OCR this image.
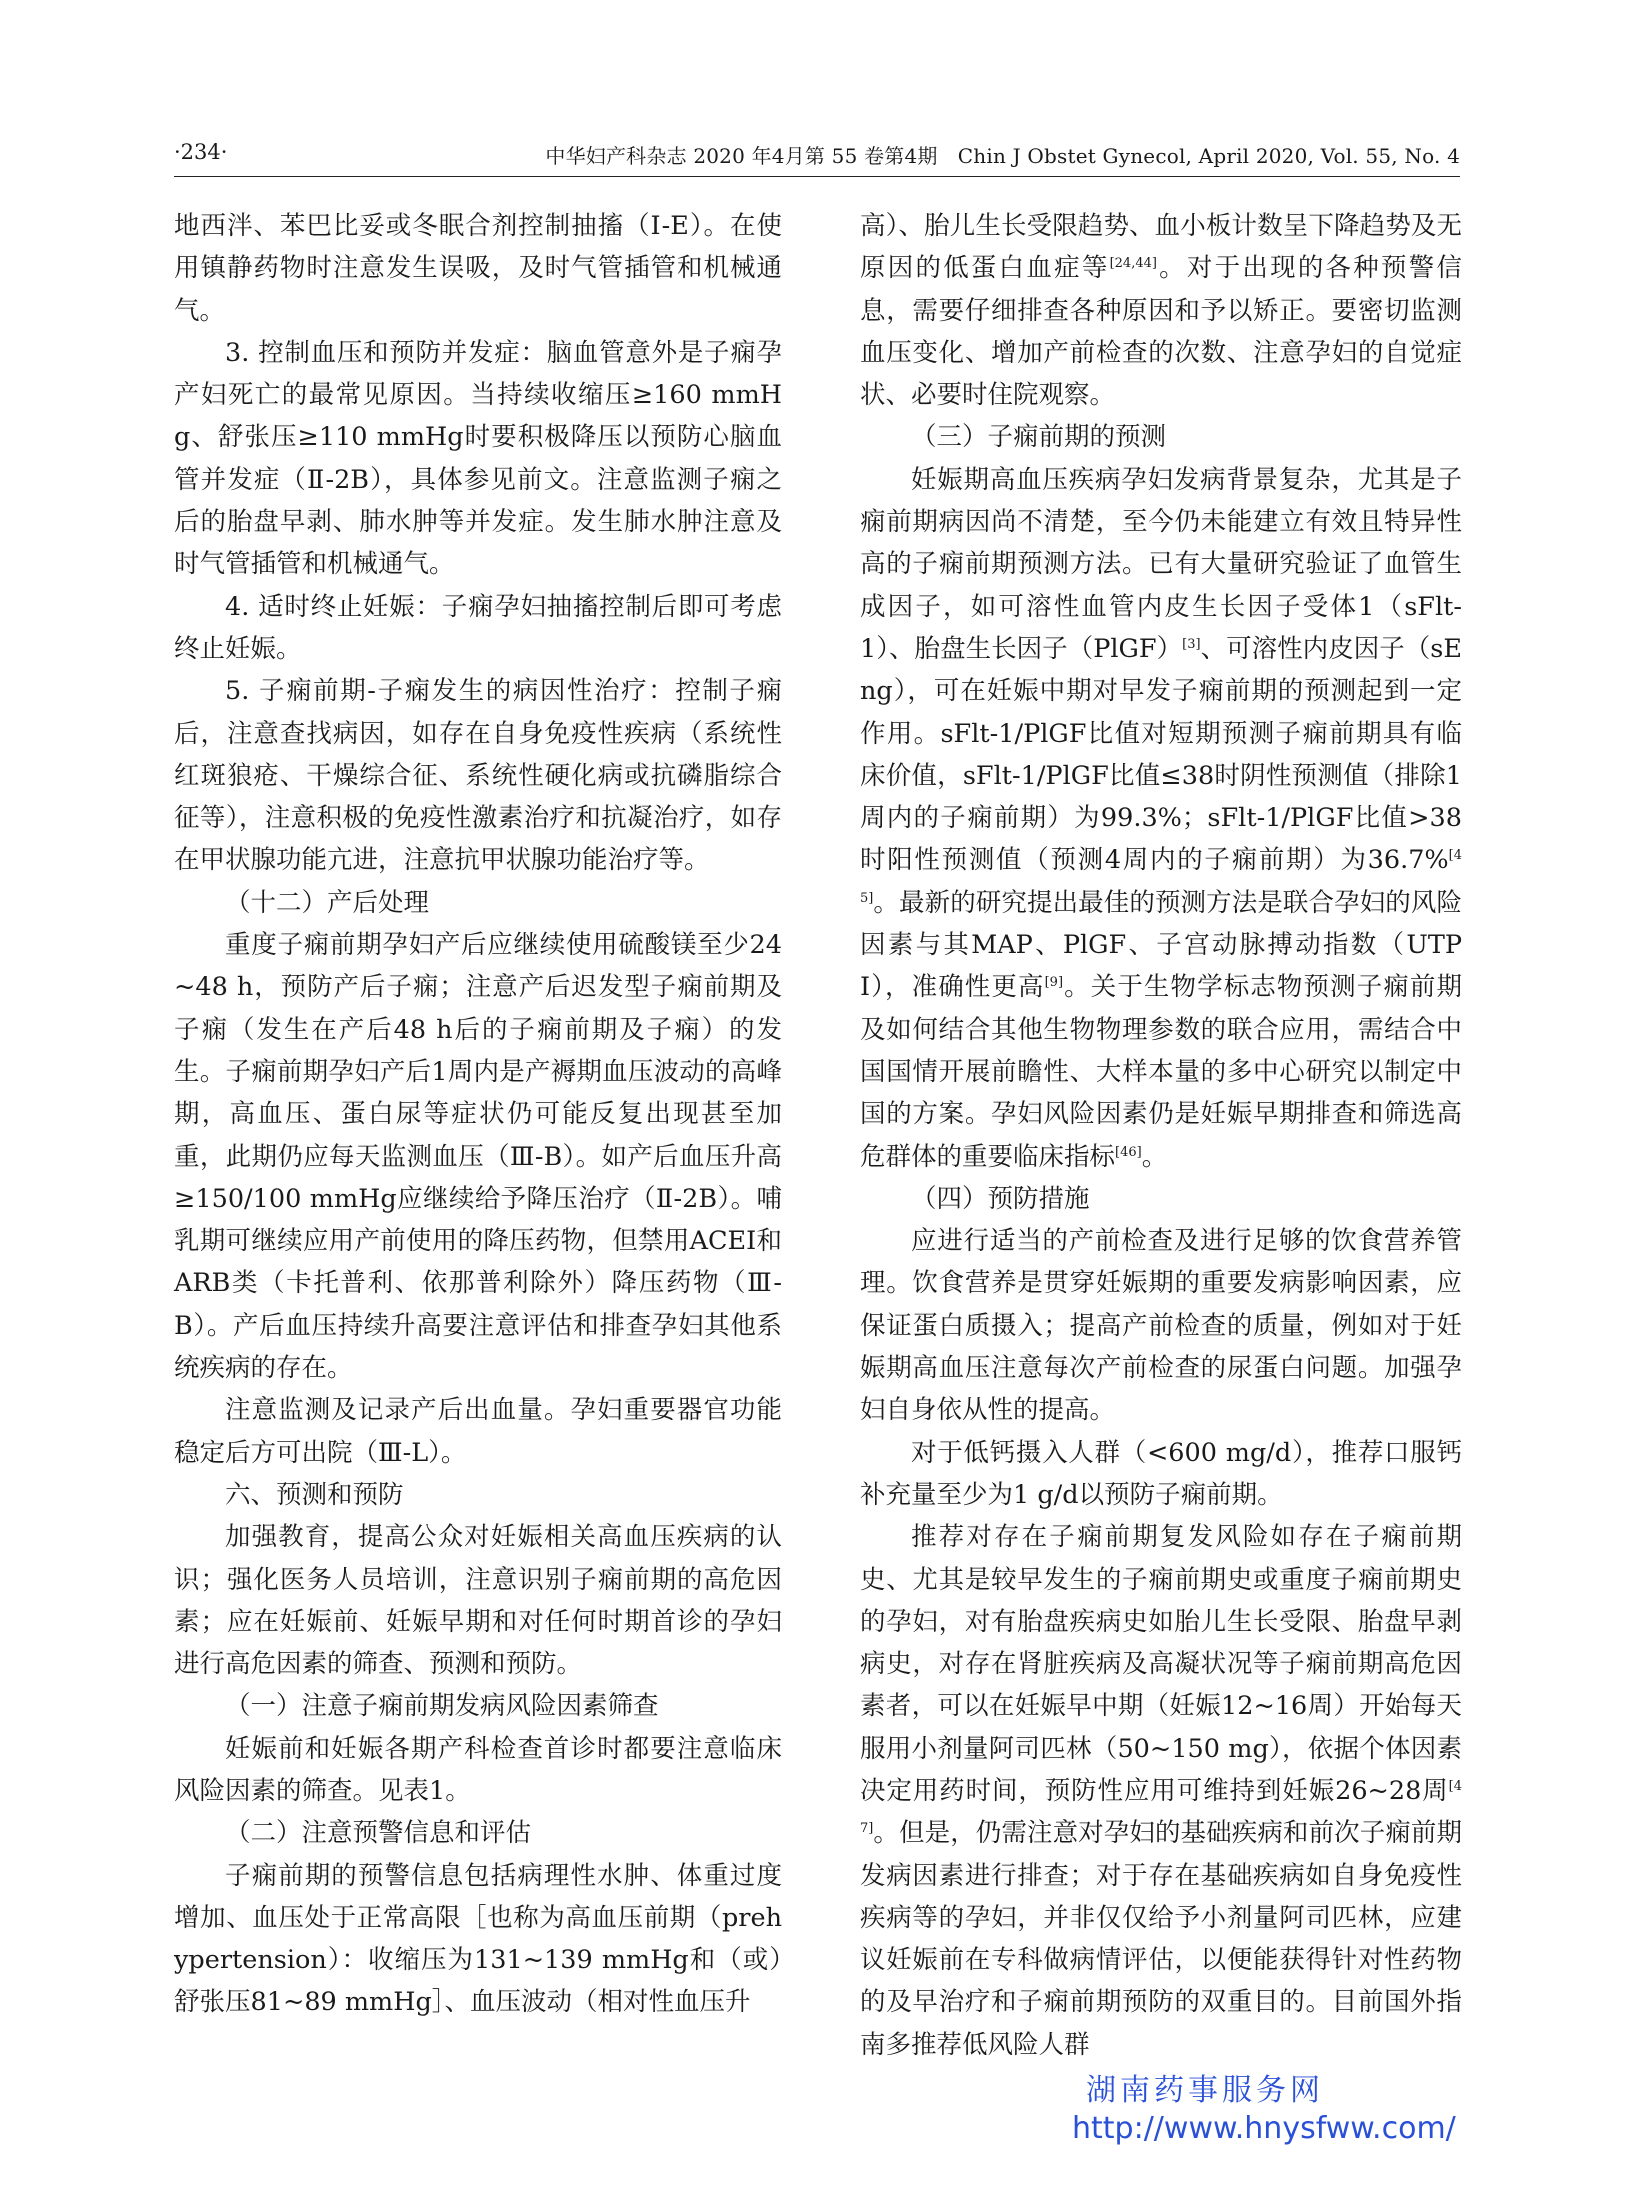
·234·	中华妇产科杂志 2020 年4月第 55 卷第4期　Chin J Obstet Gynecol, April 2020, Vol. 55, No. 4

地西泮、苯巴比妥或冬眠合剂控制抽搐（Ⅰ-E）。在使用镇静药物时注意发生误吸，及时气管插管和机械通气。

3. 控制血压和预防并发症：脑血管意外是子痫孕产妇死亡的最常见原因。当持续收缩压≥160 mmHg、舒张压≥110 mmHg时要积极降压以预防心脑血管并发症（Ⅱ-2B），具体参见前文。注意监测子痫之后的胎盘早剥、肺水肿等并发症。发生肺水肿注意及时气管插管和机械通气。

4. 适时终止妊娠：子痫孕妇抽搐控制后即可考虑终止妊娠。

5. 子痫前期-子痫发生的病因性治疗：控制子痫后，注意查找病因，如存在自身免疫性疾病（系统性红斑狼疮、干燥综合征、系统性硬化病或抗磷脂综合征等），注意积极的免疫性激素治疗和抗凝治疗，如存在甲状腺功能亢进，注意抗甲状腺功能治疗等。

（十二）产后处理

重度子痫前期孕妇产后应继续使用硫酸镁至少24~48 h，预防产后子痫；注意产后迟发型子痫前期及子痫（发生在产后48 h后的子痫前期及子痫）的发生。子痫前期孕妇产后1周内是产褥期血压波动的高峰期，高血压、蛋白尿等症状仍可能反复出现甚至加重，此期仍应每天监测血压（Ⅲ-B）。如产后血压升高≥150/100 mmHg应继续给予降压治疗（Ⅱ-2B）。哺乳期可继续应用产前使用的降压药物，但禁用ACEI和ARB类（卡托普利、依那普利除外）降压药物（Ⅲ-B）。产后血压持续升高要注意评估和排查孕妇其他系统疾病的存在。

注意监测及记录产后出血量。孕妇重要器官功能稳定后方可出院（Ⅲ-L）。

六、预测和预防

加强教育，提高公众对妊娠相关高血压疾病的认识；强化医务人员培训，注意识别子痫前期的高危因素；应在妊娠前、妊娠早期和对任何时期首诊的孕妇进行高危因素的筛查、预测和预防。

（一）注意子痫前期发病风险因素筛查

妊娠前和妊娠各期产科检查首诊时都要注意临床风险因素的筛查。见表1。

（二）注意预警信息和评估

子痫前期的预警信息包括病理性水肿、体重过度增加、血压处于正常高限［也称为高血压前期（prehypertension）：收缩压为131~139 mmHg和（或）舒张压81~89 mmHg］、血压波动（相对性血压升

高）、胎儿生长受限趋势、血小板计数呈下降趋势及无原因的低蛋白血症等[24,44]。对于出现的各种预警信息，需要仔细排查各种原因和予以矫正。要密切监测血压变化、增加产前检查的次数、注意孕妇的自觉症状、必要时住院观察。

（三）子痫前期的预测

妊娠期高血压疾病孕妇发病背景复杂，尤其是子痫前期病因尚不清楚，至今仍未能建立有效且特异性高的子痫前期预测方法。已有大量研究验证了血管生成因子，如可溶性血管内皮生长因子受体1（sFlt-1）、胎盘生长因子（PlGF）[3]、可溶性内皮因子（sEng），可在妊娠中期对早发子痫前期的预测起到一定作用。sFlt-1/PlGF比值对短期预测子痫前期具有临床价值，sFlt-1/PlGF比值≤38时阴性预测值（排除1周内的子痫前期）为99.3%；sFlt-1/PlGF比值>38时阳性预测值（预测4周内的子痫前期）为36.7%[45]。最新的研究提出最佳的预测方法是联合孕妇的风险因素与其MAP、PlGF、子宫动脉搏动指数（UTPI），准确性更高[9]。关于生物学标志物预测子痫前期及如何结合其他生物物理参数的联合应用，需结合中国国情开展前瞻性、大样本量的多中心研究以制定中国的方案。孕妇风险因素仍是妊娠早期排查和筛选高危群体的重要临床指标[46]。

（四）预防措施

应进行适当的产前检查及进行足够的饮食营养管理。饮食营养是贯穿妊娠期的重要发病影响因素，应保证蛋白质摄入；提高产前检查的质量，例如对于妊娠期高血压注意每次产前检查的尿蛋白问题。加强孕妇自身依从性的提高。

对于低钙摄入人群（<600 mg/d），推荐口服钙补充量至少为1 g/d以预防子痫前期。

推荐对存在子痫前期复发风险如存在子痫前期史、尤其是较早发生的子痫前期史或重度子痫前期史的孕妇，对有胎盘疾病史如胎儿生长受限、胎盘早剥病史，对存在肾脏疾病及高凝状况等子痫前期高危因素者，可以在妊娠早中期（妊娠12~16周）开始每天服用小剂量阿司匹林（50~150 mg），依据个体因素决定用药时间，预防性应用可维持到妊娠26~28周[47]。但是，仍需注意对孕妇的基础疾病和前次子痫前期发病因素进行排查；对于存在基础疾病如自身免疫性疾病等的孕妇，并非仅仅给予小剂量阿司匹林，应建议妊娠前在专科做病情评估，以便能获得针对性药物的及早治疗和子痫前期预防的双重目的。目前国外指南多推荐低风险人群

湖南药事服务网
http://www.hnysfww.com/
